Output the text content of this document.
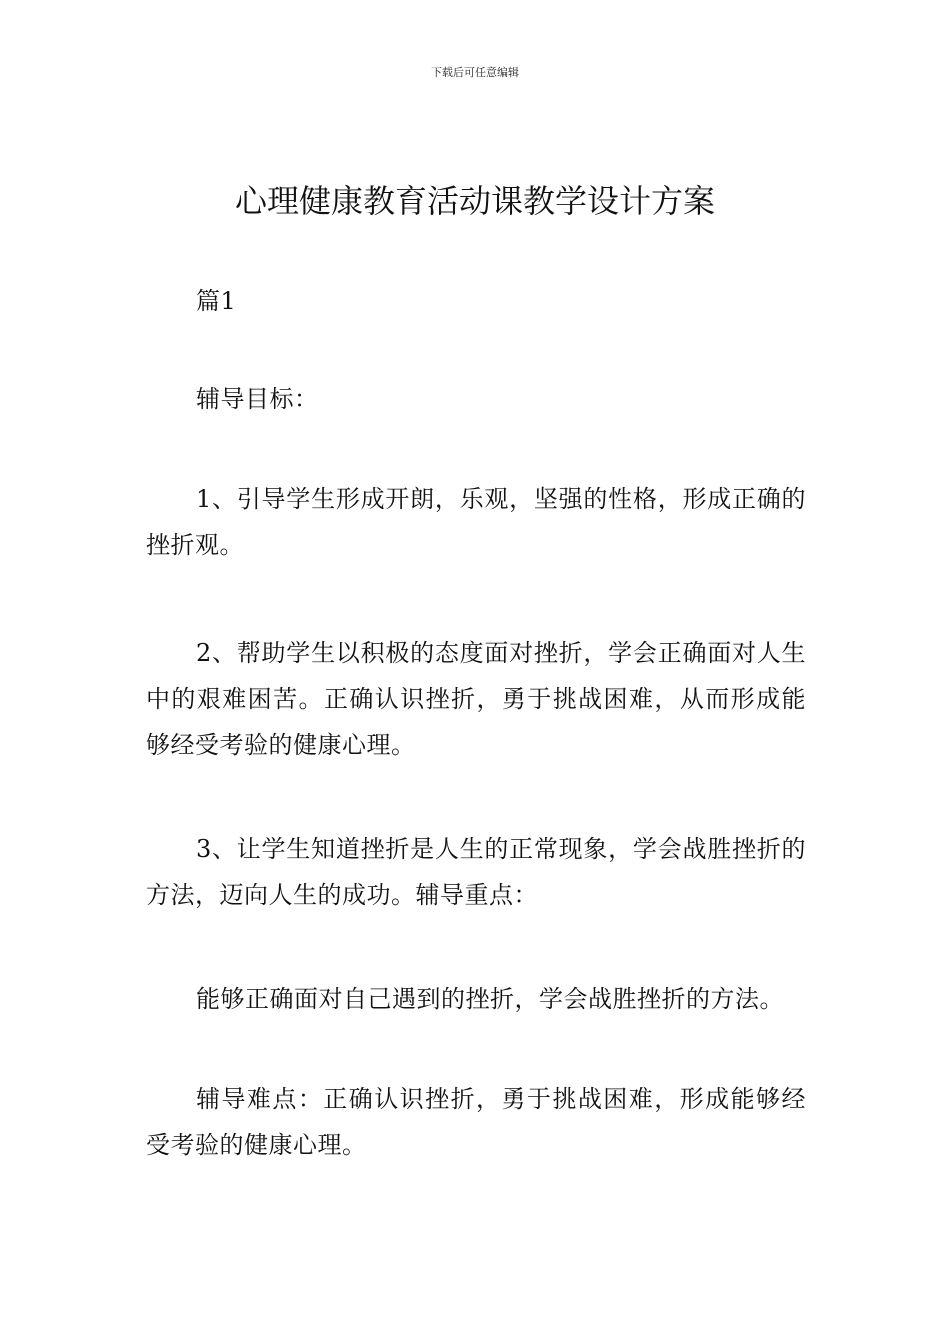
下载后可任意编辑
心理健康教育活动课教学设计方案

篇1

辅导目标：

1、引导学生形成开朗，乐观，坚强的性格，形成正确的挫折观。

2、帮助学生以积极的态度面对挫折，学会正确面对人生中的艰难困苦。正确认识挫折，勇于挑战困难，从而形成能够经受考验的健康心理。

3、让学生知道挫折是人生的正常现象，学会战胜挫折的方法，迈向人生的成功。辅导重点：

能够正确面对自己遇到的挫折，学会战胜挫折的方法。

辅导难点：正确认识挫折，勇于挑战困难，形成能够经受考验的健康心理。
